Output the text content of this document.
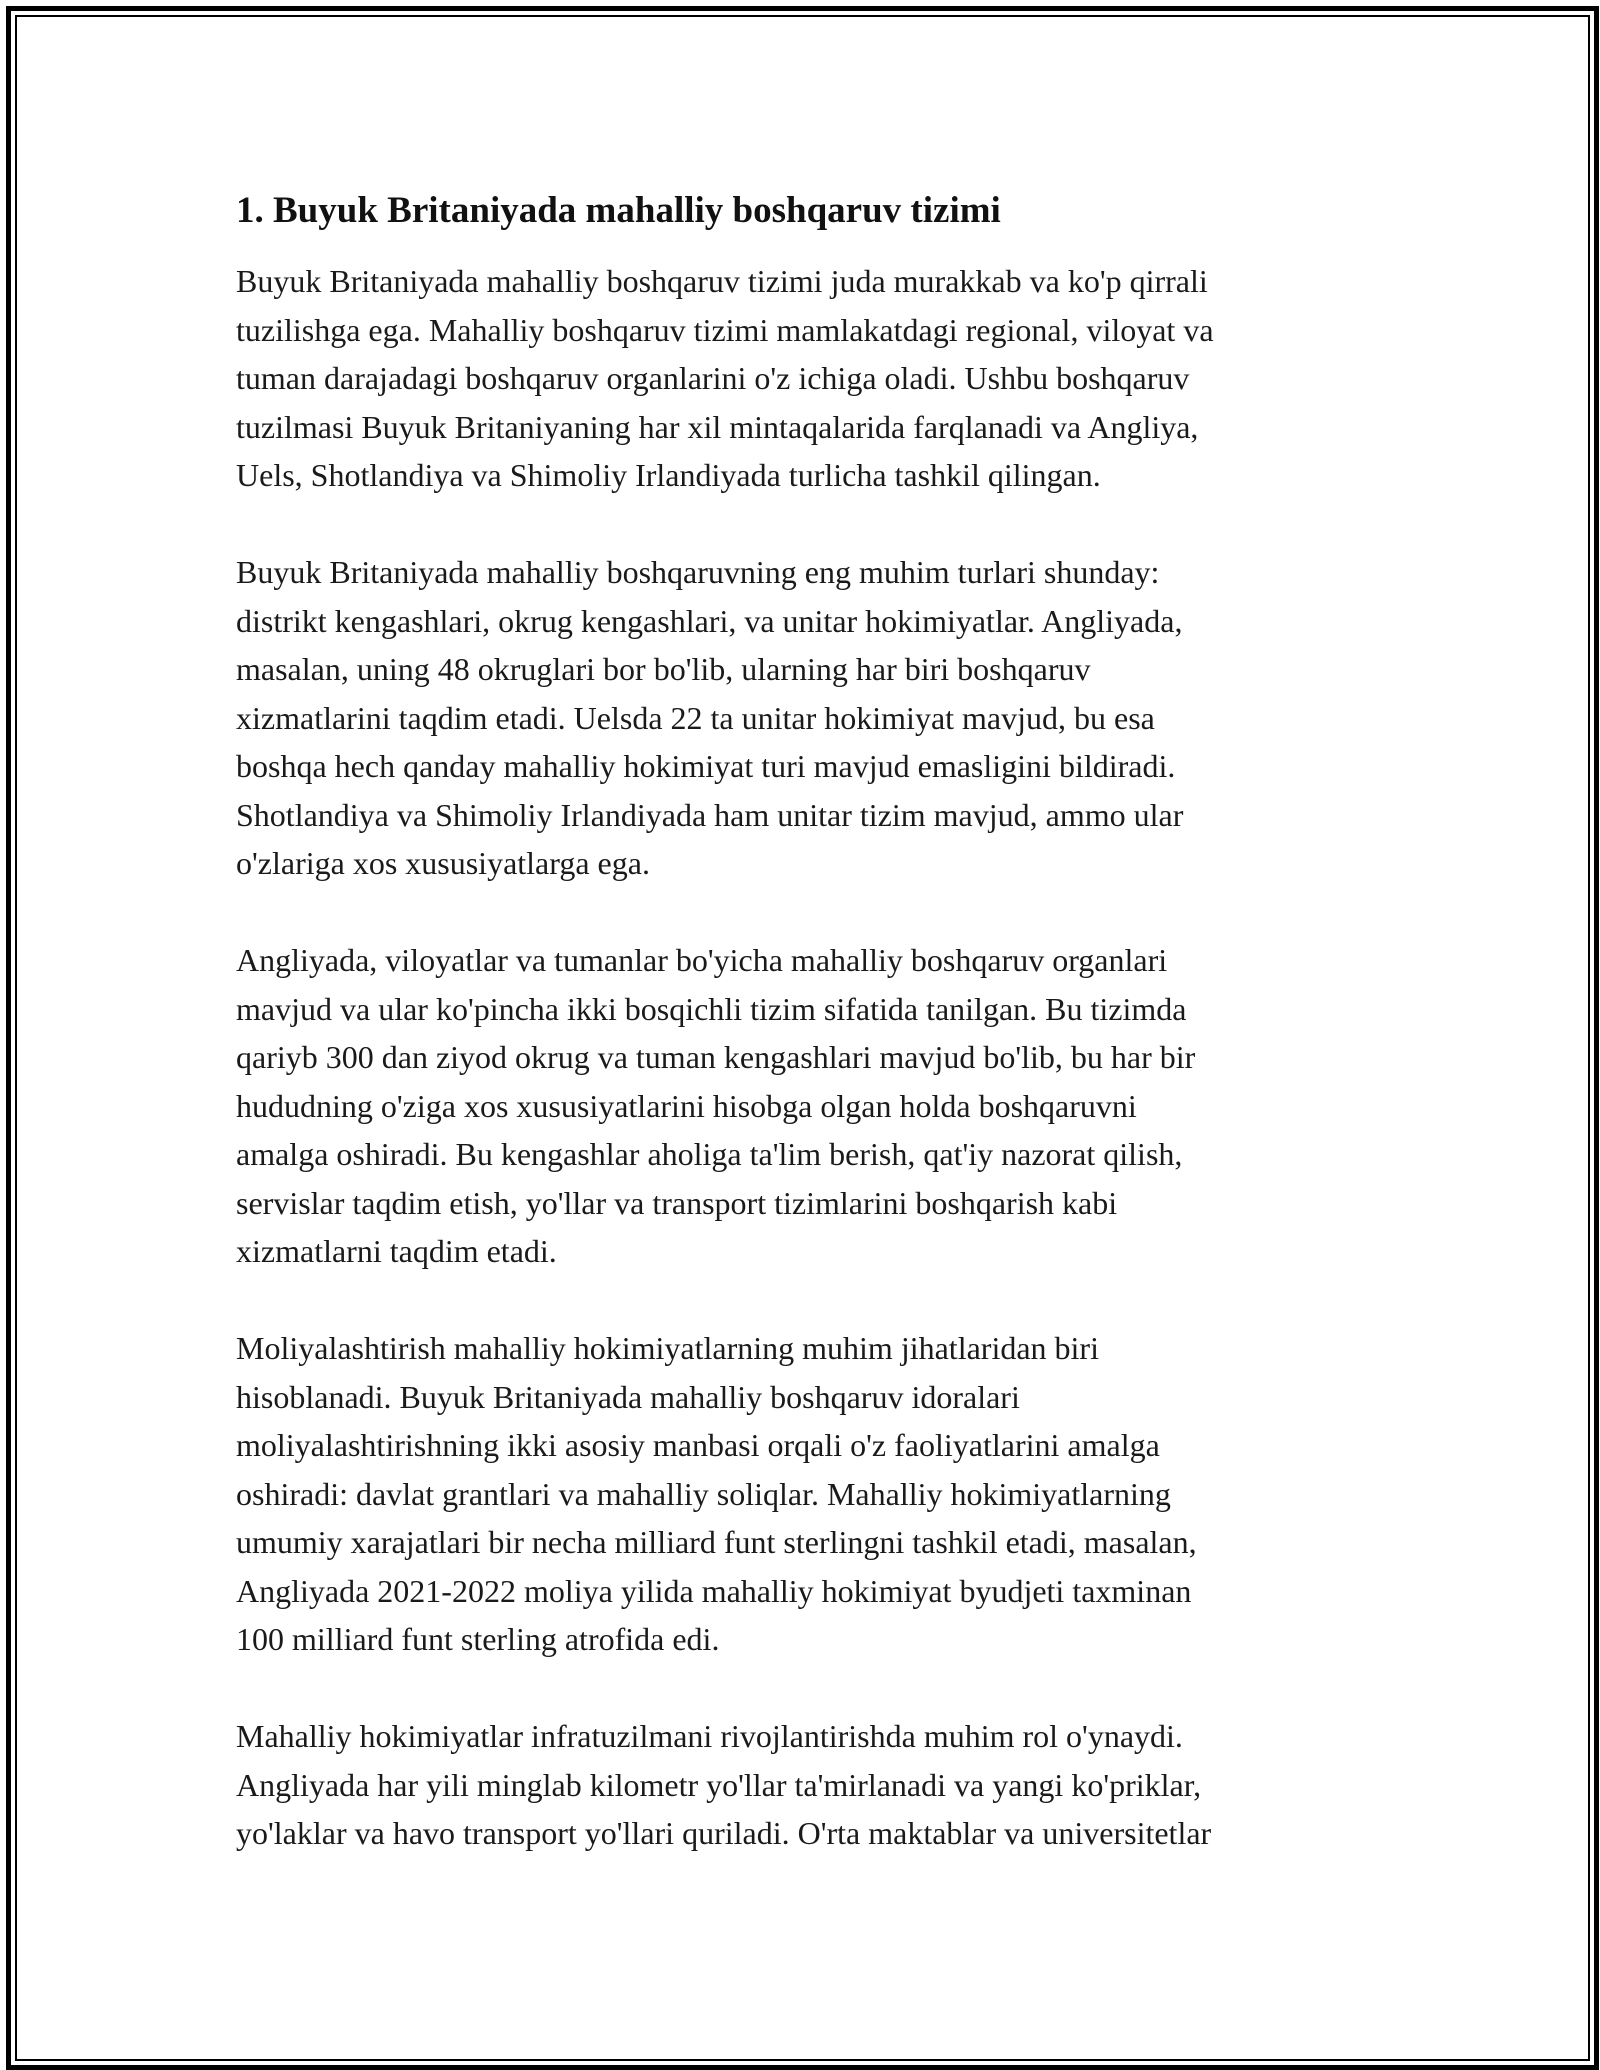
1. Buyuk Britaniyada mahalliy boshqaruv tizimi

Buyuk Britaniyada mahalliy boshqaruv tizimi juda murakkab va ko'p qirrali
tuzilishga ega. Mahalliy boshqaruv tizimi mamlakatdagi regional, viloyat va
tuman darajadagi boshqaruv organlarini o'z ichiga oladi. Ushbu boshqaruv
tuzilmasi Buyuk Britaniyaning har xil mintaqalarida farqlanadi va Angliya,
Uels, Shotlandiya va Shimoliy Irlandiyada turlicha tashkil qilingan.

Buyuk Britaniyada mahalliy boshqaruvning eng muhim turlari shunday:
distrikt kengashlari, okrug kengashlari, va unitar hokimiyatlar. Angliyada,
masalan, uning 48 okruglari bor bo'lib, ularning har biri boshqaruv
xizmatlarini taqdim etadi. Uelsda 22 ta unitar hokimiyat mavjud, bu esa
boshqa hech qanday mahalliy hokimiyat turi mavjud emasligini bildiradi.
Shotlandiya va Shimoliy Irlandiyada ham unitar tizim mavjud, ammo ular
o'zlariga xos xususiyatlarga ega.

Angliyada, viloyatlar va tumanlar bo'yicha mahalliy boshqaruv organlari
mavjud va ular ko'pincha ikki bosqichli tizim sifatida tanilgan. Bu tizimda
qariyb 300 dan ziyod okrug va tuman kengashlari mavjud bo'lib, bu har bir
hududning o'ziga xos xususiyatlarini hisobga olgan holda boshqaruvni
amalga oshiradi. Bu kengashlar aholiga ta'lim berish, qat'iy nazorat qilish,
servislar taqdim etish, yo'llar va transport tizimlarini boshqarish kabi
xizmatlarni taqdim etadi.

Moliyalashtirish mahalliy hokimiyatlarning muhim jihatlaridan biri
hisoblanadi. Buyuk Britaniyada mahalliy boshqaruv idoralari
moliyalashtirishning ikki asosiy manbasi orqali o'z faoliyatlarini amalga
oshiradi: davlat grantlari va mahalliy soliqlar. Mahalliy hokimiyatlarning
umumiy xarajatlari bir necha milliard funt sterlingni tashkil etadi, masalan,
Angliyada 2021-2022 moliya yilida mahalliy hokimiyat byudjeti taxminan
100 milliard funt sterling atrofida edi.

Mahalliy hokimiyatlar infratuzilmani rivojlantirishda muhim rol o'ynaydi.
Angliyada har yili minglab kilometr yo'llar ta'mirlanadi va yangi ko'priklar,
yo'laklar va havo transport yo'llari quriladi. O'rta maktablar va universitetlar
